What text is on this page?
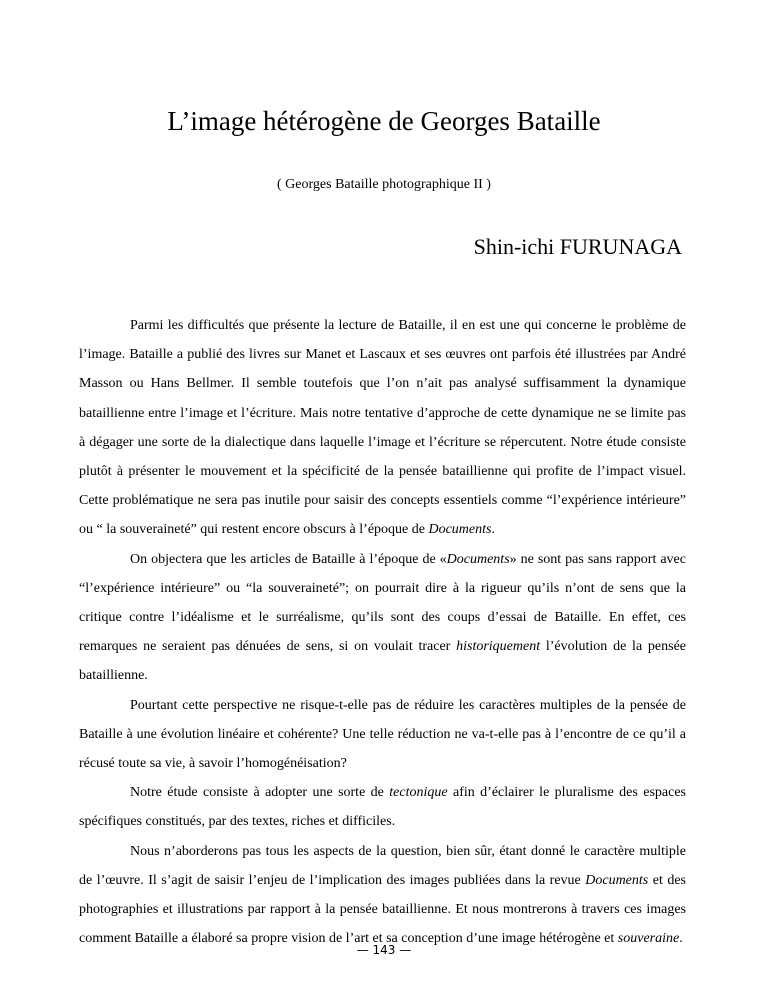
L’image hétérogène de Georges Bataille
( Georges Bataille photographique II )
Shin-ichi FURUNAGA

Parmi les difficultés que présente la lecture de Bataille, il en est une qui concerne le problème de l’image. Bataille a publié des livres sur Manet et Lascaux et ses œuvres ont parfois été illustrées par André Masson ou Hans Bellmer. Il semble toutefois que l’on n’ait pas analysé suffisamment la dynamique bataillienne entre l’image et l’écriture. Mais notre tentative d’approche de cette dynamique ne se limite pas à dégager une sorte de la dialectique dans laquelle l’image et l’écriture se répercutent. Notre étude consiste plutôt à présenter le mouvement et la spécificité de la pensée bataillienne qui profite de l’impact visuel. Cette problématique ne sera pas inutile pour saisir des concepts essentiels comme “l’expérience intérieure” ou “ la souveraineté” qui restent encore obscurs à l’époque de Documents.

On objectera que les articles de Bataille à l’époque de «Documents» ne sont pas sans rapport avec “l’expérience intérieure” ou “la souveraineté”; on pourrait dire à la rigueur qu’ils n’ont de sens que la critique contre l’idéalisme et le surréalisme, qu’ils sont des coups d’essai de Bataille. En effet, ces remarques ne seraient pas dénuées de sens, si on voulait tracer historiquement l’évolution de la pensée bataillienne.

Pourtant cette perspective ne risque-t-elle pas de réduire les caractères multiples de la pensée de Bataille à une évolution linéaire et cohérente? Une telle réduction ne va-t-elle pas à l’encontre de ce qu’il a récusé toute sa vie, à savoir l’homogénéisation?

Notre étude consiste à adopter une sorte de tectonique afin d’éclairer le pluralisme des espaces spécifiques constitués, par des textes, riches et difficiles.

Nous n’aborderons pas tous les aspects de la question, bien sûr, étant donné le caractère multiple de l’œuvre. Il s’agit de saisir l’enjeu de l’implication des images publiées dans la revue Documents et des photographies et illustrations par rapport à la pensée bataillienne. Et nous montrerons à travers ces images comment Bataille a élaboré sa propre vision de l’art et sa conception d’une image hétérogène et souveraine.

— 143 —
